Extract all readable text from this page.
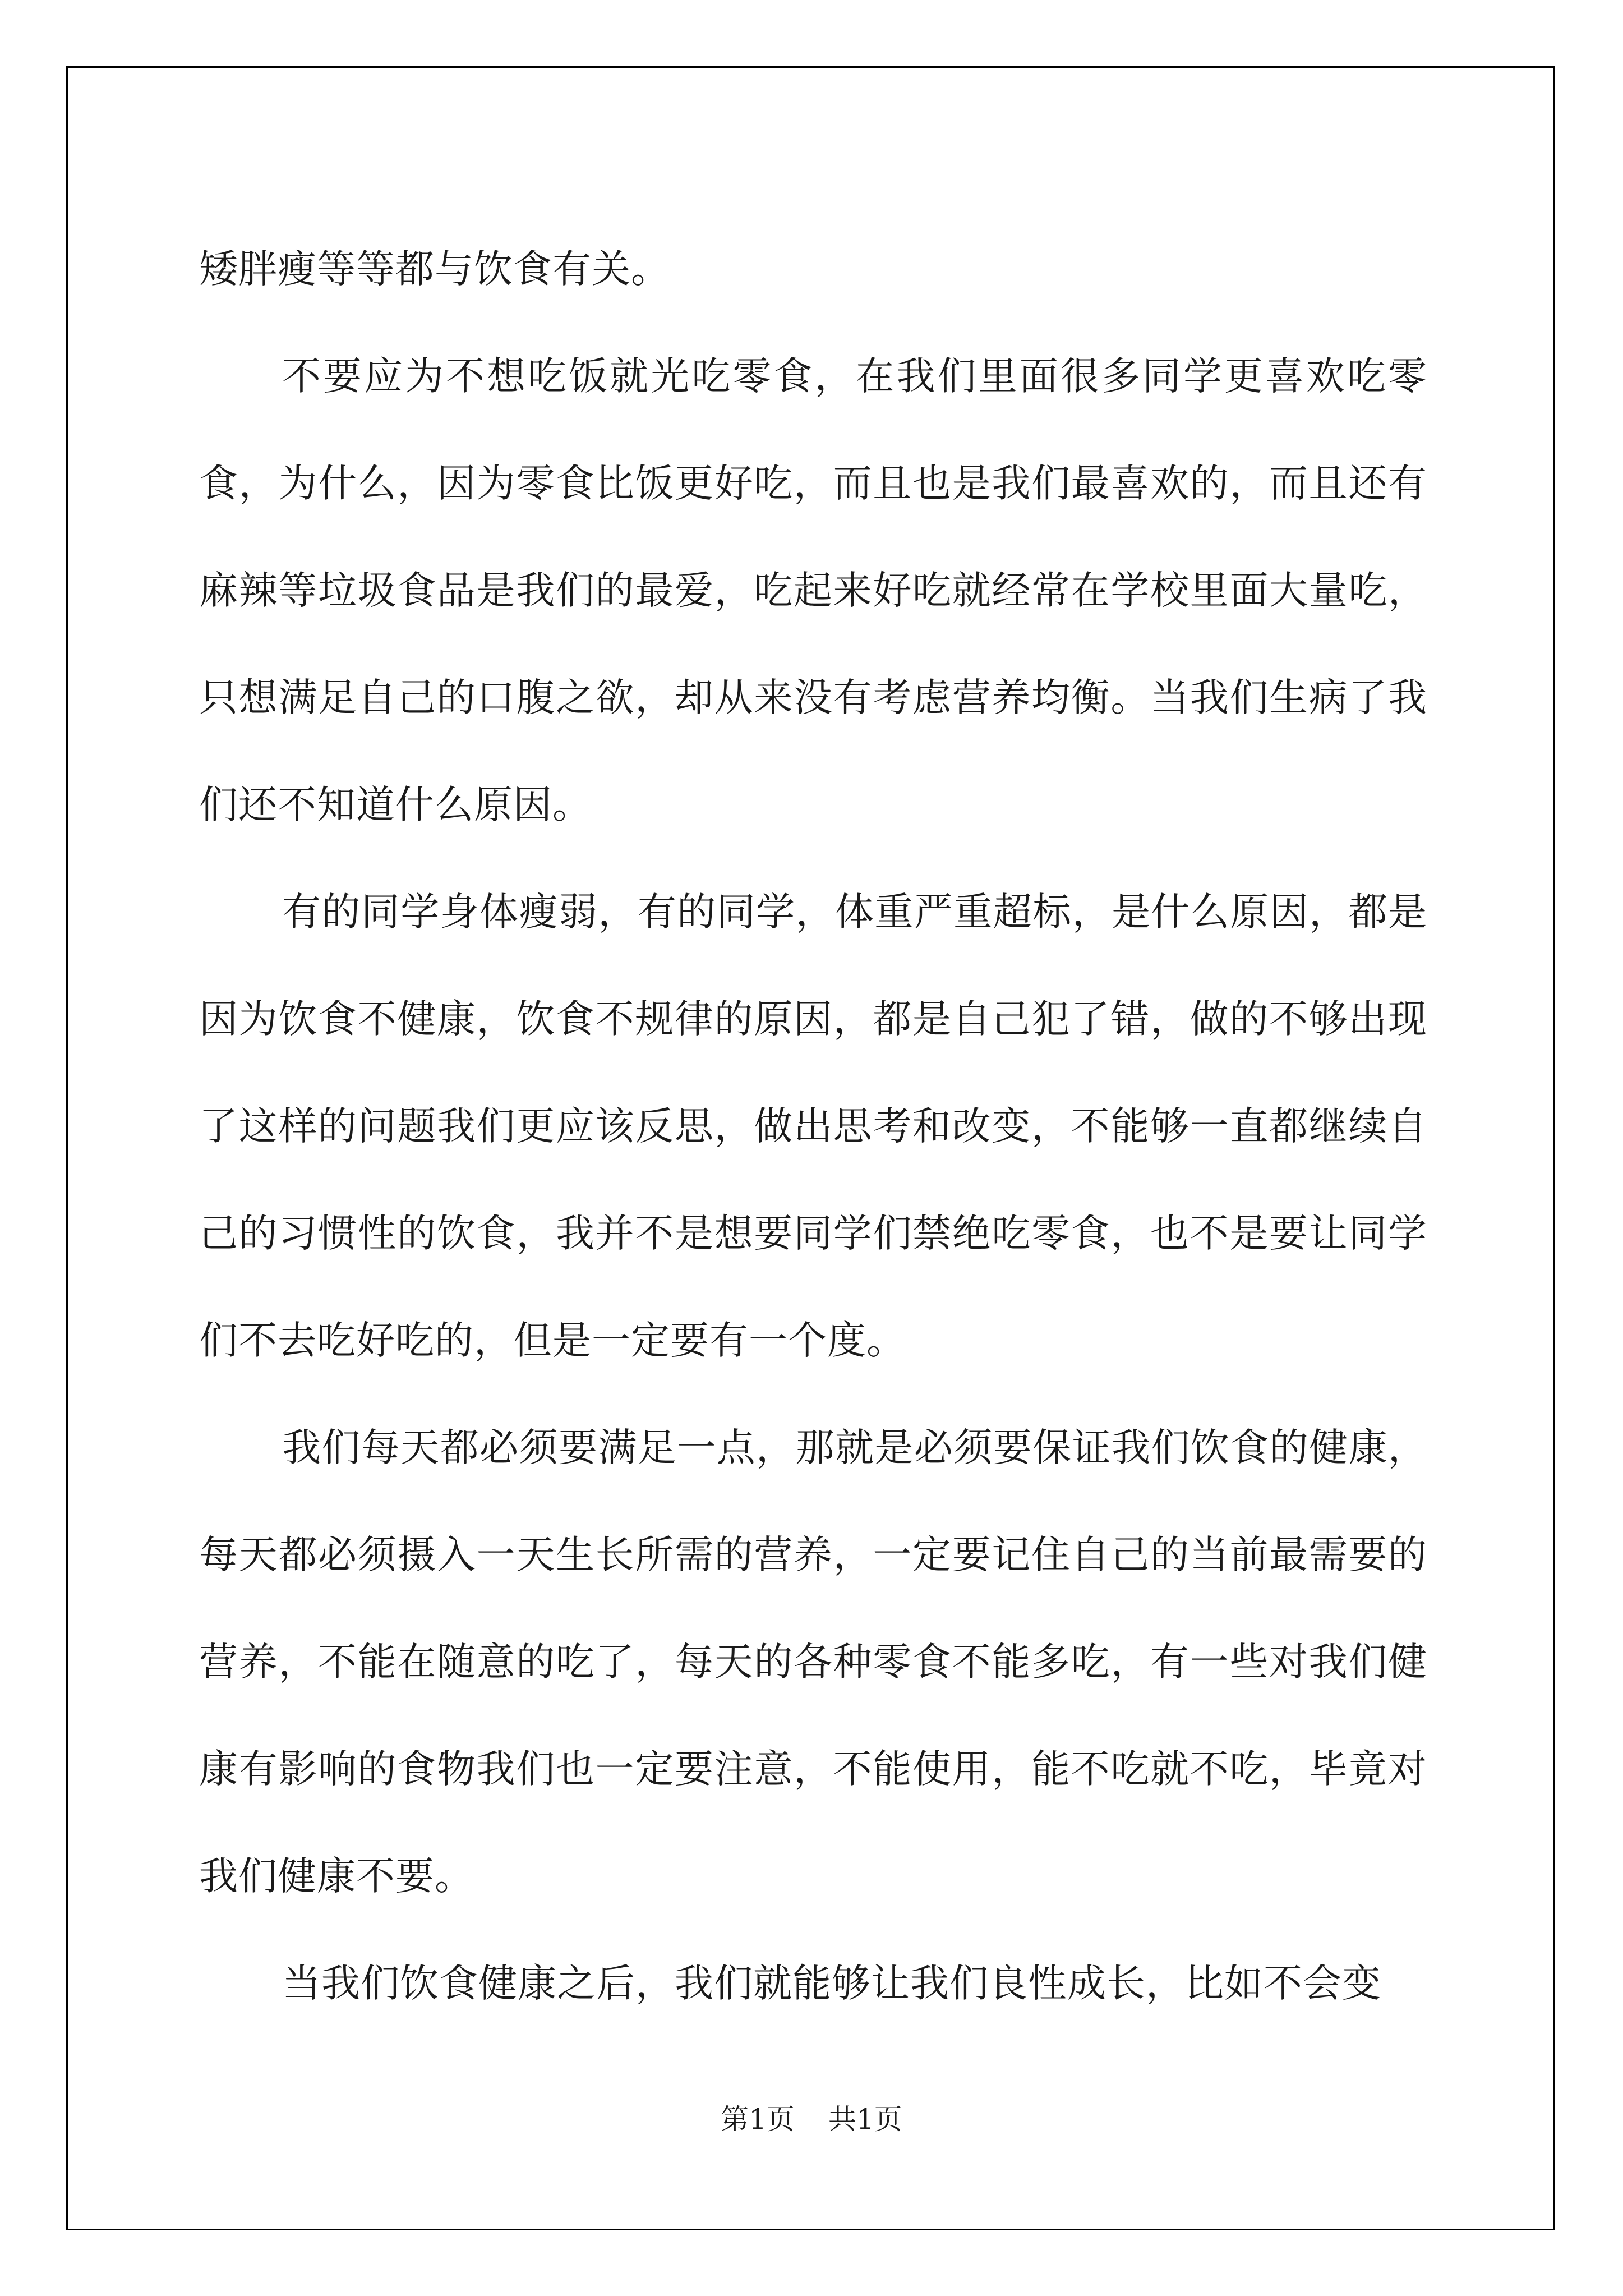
矮胖瘦等等都与饮食有关。

不要应为不想吃饭就光吃零食，在我们里面很多同学更喜欢吃零食，为什么，因为零食比饭更好吃，而且也是我们最喜欢的，而且还有麻辣等垃圾食品是我们的最爱，吃起来好吃就经常在学校里面大量吃，只想满足自己的口腹之欲，却从来没有考虑营养均衡。当我们生病了我们还不知道什么原因。

有的同学身体瘦弱，有的同学，体重严重超标，是什么原因，都是因为饮食不健康，饮食不规律的原因，都是自己犯了错，做的不够出现了这样的问题我们更应该反思，做出思考和改变，不能够一直都继续自己的习惯性的饮食，我并不是想要同学们禁绝吃零食，也不是要让同学们不去吃好吃的，但是一定要有一个度。

我们每天都必须要满足一点，那就是必须要保证我们饮食的健康，每天都必须摄入一天生长所需的营养，一定要记住自己的当前最需要的营养，不能在随意的吃了，每天的各种零食不能多吃，有一些对我们健康有影响的食物我们也一定要注意，不能使用，能不吃就不吃，毕竟对我们健康不要。

当我们饮食健康之后，我们就能够让我们良性成长，比如不会变

第1页 共1页
